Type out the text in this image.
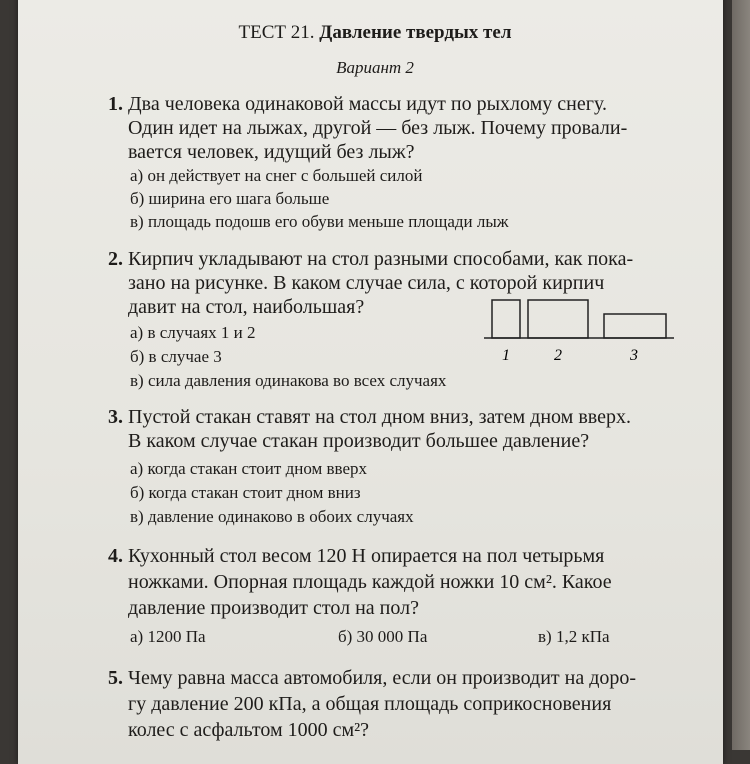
ТЕСТ 21. Давление твердых тел
Вариант 2
1. Два человека одинаковой массы идут по рыхлому снегу.
Один идет на лыжах, другой — без лыж. Почему провали-
вается человек, идущий без лыж?
а) он действует на снег с большей силой
б) ширина его шага больше
в) площадь подошв его обуви меньше площади лыж
2. Кирпич укладывают на стол разными способами, как пока-
зано на рисунке. В каком случае сила, с которой кирпич
давит на стол, наибольшая?
а) в случаях 1 и 2
б) в случае 3
в) сила давления одинакова во всех случаях
1	2	3
3. Пустой стакан ставят на стол дном вниз, затем дном вверх.
В каком случае стакан производит большее давление?
а) когда стакан стоит дном вверх
б) когда стакан стоит дном вниз
в) давление одинаково в обоих случаях
4. Кухонный стол весом 120 Н опирается на пол четырьмя
ножками. Опорная площадь каждой ножки 10 см². Какое
давление производит стол на пол?
а) 1200 Па	б) 30 000 Па	в) 1,2 кПа
5. Чему равна масса автомобиля, если он производит на доро-
гу давление 200 кПа, а общая площадь соприкосновения
колес с асфальтом 1000 см²?
